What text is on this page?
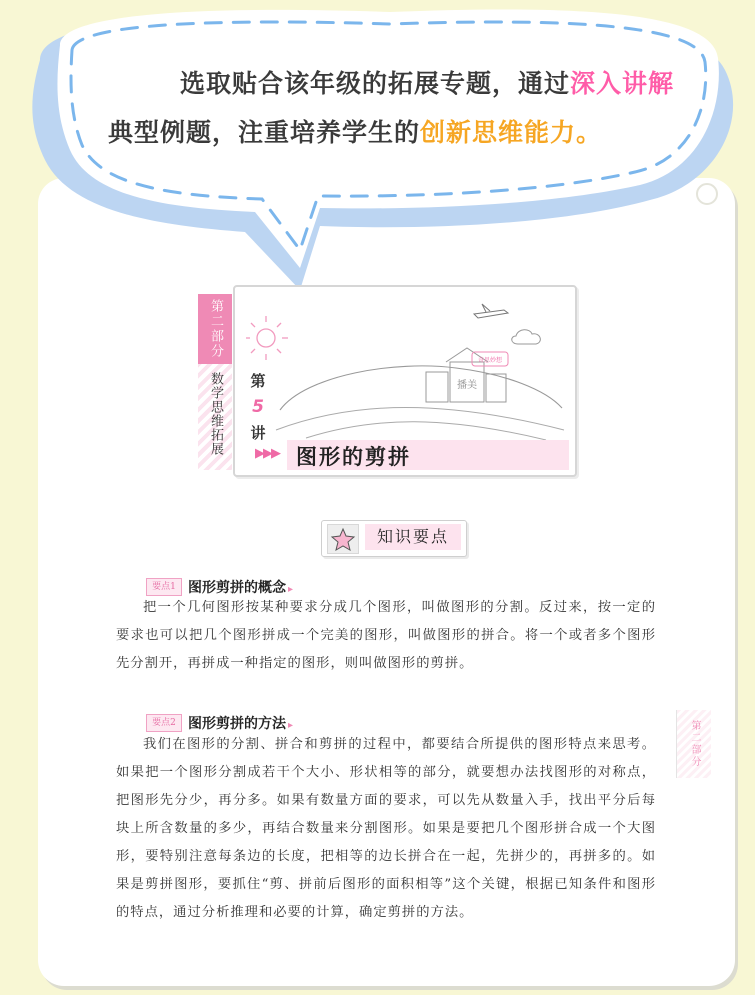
选取贴合该年级的拓展专题，通过深入讲解
典型例题，注重培养学生的创新思维能力。
第二部分
数学思维拓展
奇思妙想
播美
第
5
讲
▶▶▶ 图形的剪拼
知识要点
要点1 图形剪拼的概念 ▸

把一个几何图形按某种要求分成几个图形，叫做图形的分割。反过来，按一定的要求也可以把几个图形拼成一个完美的图形，叫做图形的拼合。将一个或者多个图形先分割开，再拼成一种指定的图形，则叫做图形的剪拼。

要点2 图形剪拼的方法 ▸

我们在图形的分割、拼合和剪拼的过程中，都要结合所提供的图形特点来思考。如果把一个图形分割成若干个大小、形状相等的部分，就要想办法找图形的对称点，把图形先分少，再分多。如果有数量方面的要求，可以先从数量入手，找出平分后每块上所含数量的多少，再结合数量来分割图形。如果是要把几个图形拼合成一个大图形，要特别注意每条边的长度，把相等的边长拼合在一起，先拼少的，再拼多的。如果是剪拼图形，要抓住“剪、拼前后图形的面积相等”这个关键，根据已知条件和图形的特点，通过分析推理和必要的计算，确定剪拼的方法。

第二部分
